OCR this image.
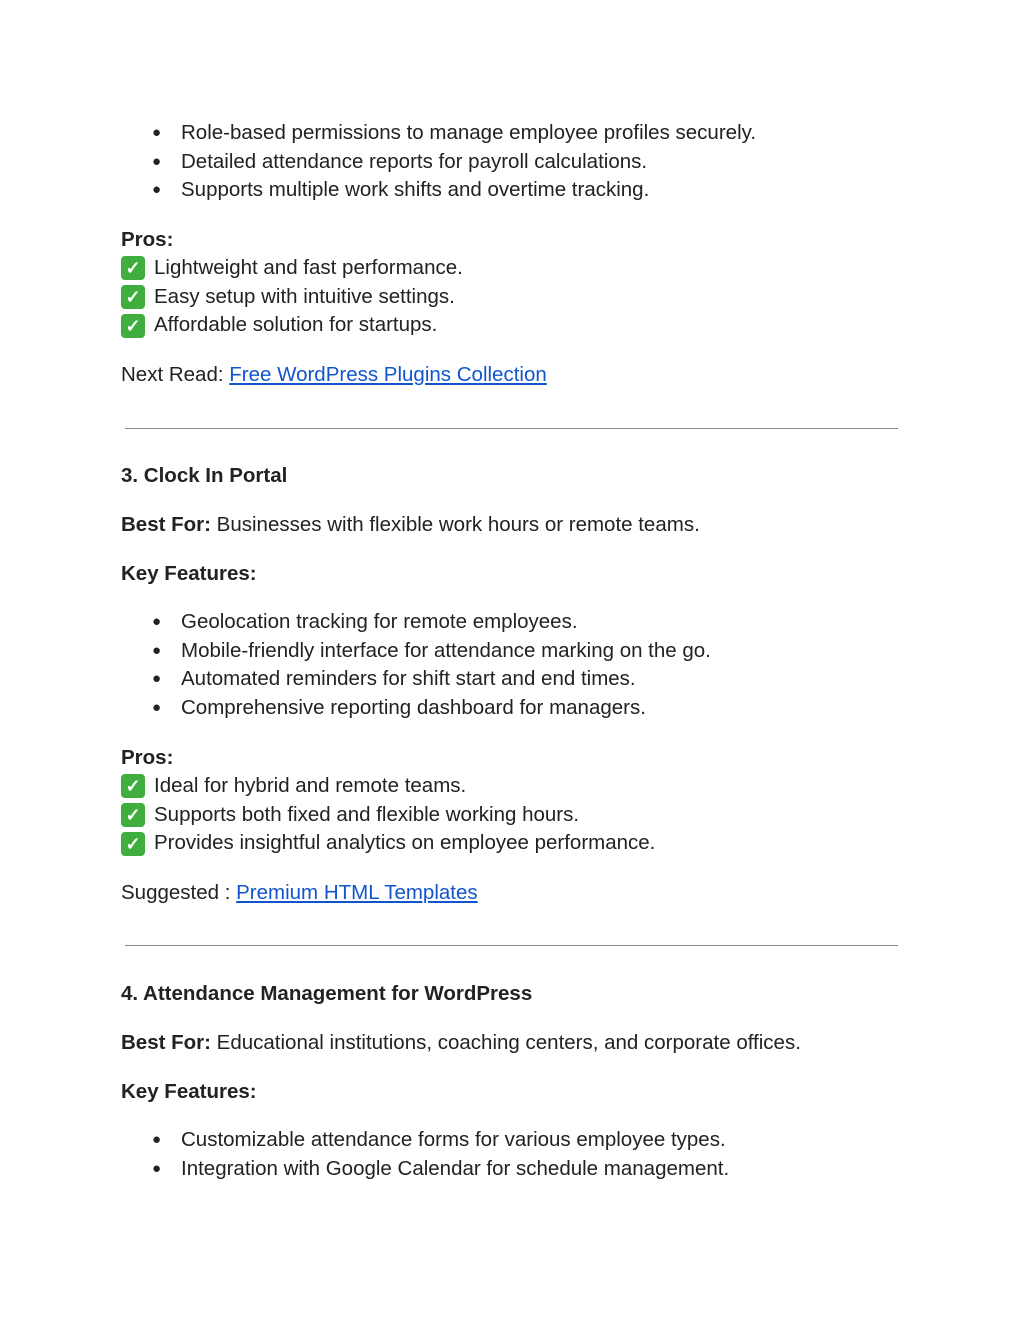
● Role-based permissions to manage employee profiles securely.
● Detailed attendance reports for payroll calculations.
● Supports multiple work shifts and overtime tracking.
Pros:
✓ Lightweight and fast performance.
✓ Easy setup with intuitive settings.
✓ Affordable solution for startups.
Next Read: Free WordPress Plugins Collection
3. Clock In Portal
Best For: Businesses with flexible work hours or remote teams.
Key Features:
● Geolocation tracking for remote employees.
● Mobile-friendly interface for attendance marking on the go.
● Automated reminders for shift start and end times.
● Comprehensive reporting dashboard for managers.
Pros:
✓ Ideal for hybrid and remote teams.
✓ Supports both fixed and flexible working hours.
✓ Provides insightful analytics on employee performance.
Suggested : Premium HTML Templates
4. Attendance Management for WordPress
Best For: Educational institutions, coaching centers, and corporate offices.
Key Features:
● Customizable attendance forms for various employee types.
● Integration with Google Calendar for schedule management.
